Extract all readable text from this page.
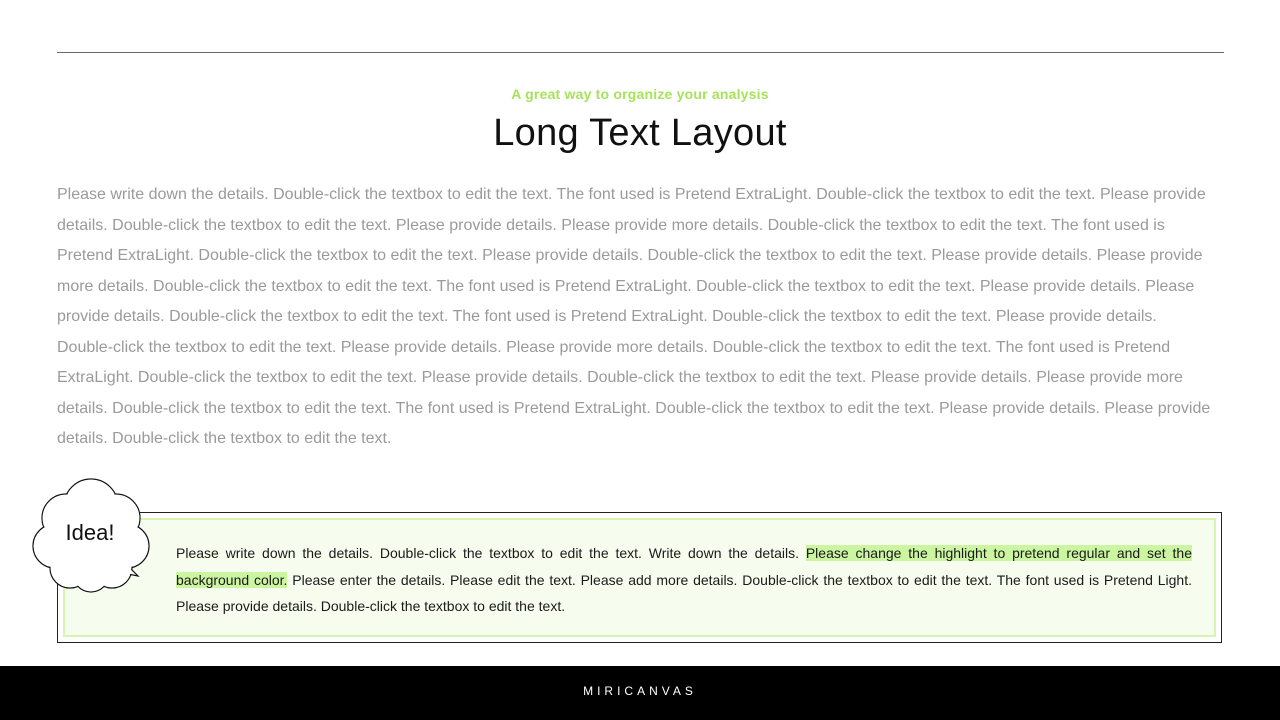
A great way to organize your analysis
Long Text Layout
Please write down the details. Double-click the textbox to edit the text. The font used is Pretend ExtraLight. Double-click the textbox to edit the text. Please provide details. Double-click the textbox to edit the text. Please provide details. Please provide more details. Double-click the textbox to edit the text. The font used is Pretend ExtraLight. Double-click the textbox to edit the text. Please provide details. Double-click the textbox to edit the text. Please provide details. Please provide more details. Double-click the textbox to edit the text. The font used is Pretend ExtraLight. Double-click the textbox to edit the text. Please provide details. Please provide details. Double-click the textbox to edit the text. The font used is Pretend ExtraLight. Double-click the textbox to edit the text. Please provide details. Double-click the textbox to edit the text. Please provide details. Please provide more details. Double-click the textbox to edit the text. The font used is Pretend ExtraLight. Double-click the textbox to edit the text. Please provide details. Double-click the textbox to edit the text. Please provide details. Please provide more details. Double-click the textbox to edit the text. The font used is Pretend ExtraLight. Double-click the textbox to edit the text. Please provide details. Please provide details. Double-click the textbox to edit the text.
Please write down the details. Double-click the textbox to edit the text. Write down the details. Please change the highlight to pretend regular and set the background color. Please enter the details. Please edit the text. Please add more details. Double-click the textbox to edit the text. The font used is Pretend Light. Please provide details. Double-click the textbox to edit the text.
Idea!
MIRICANVAS
